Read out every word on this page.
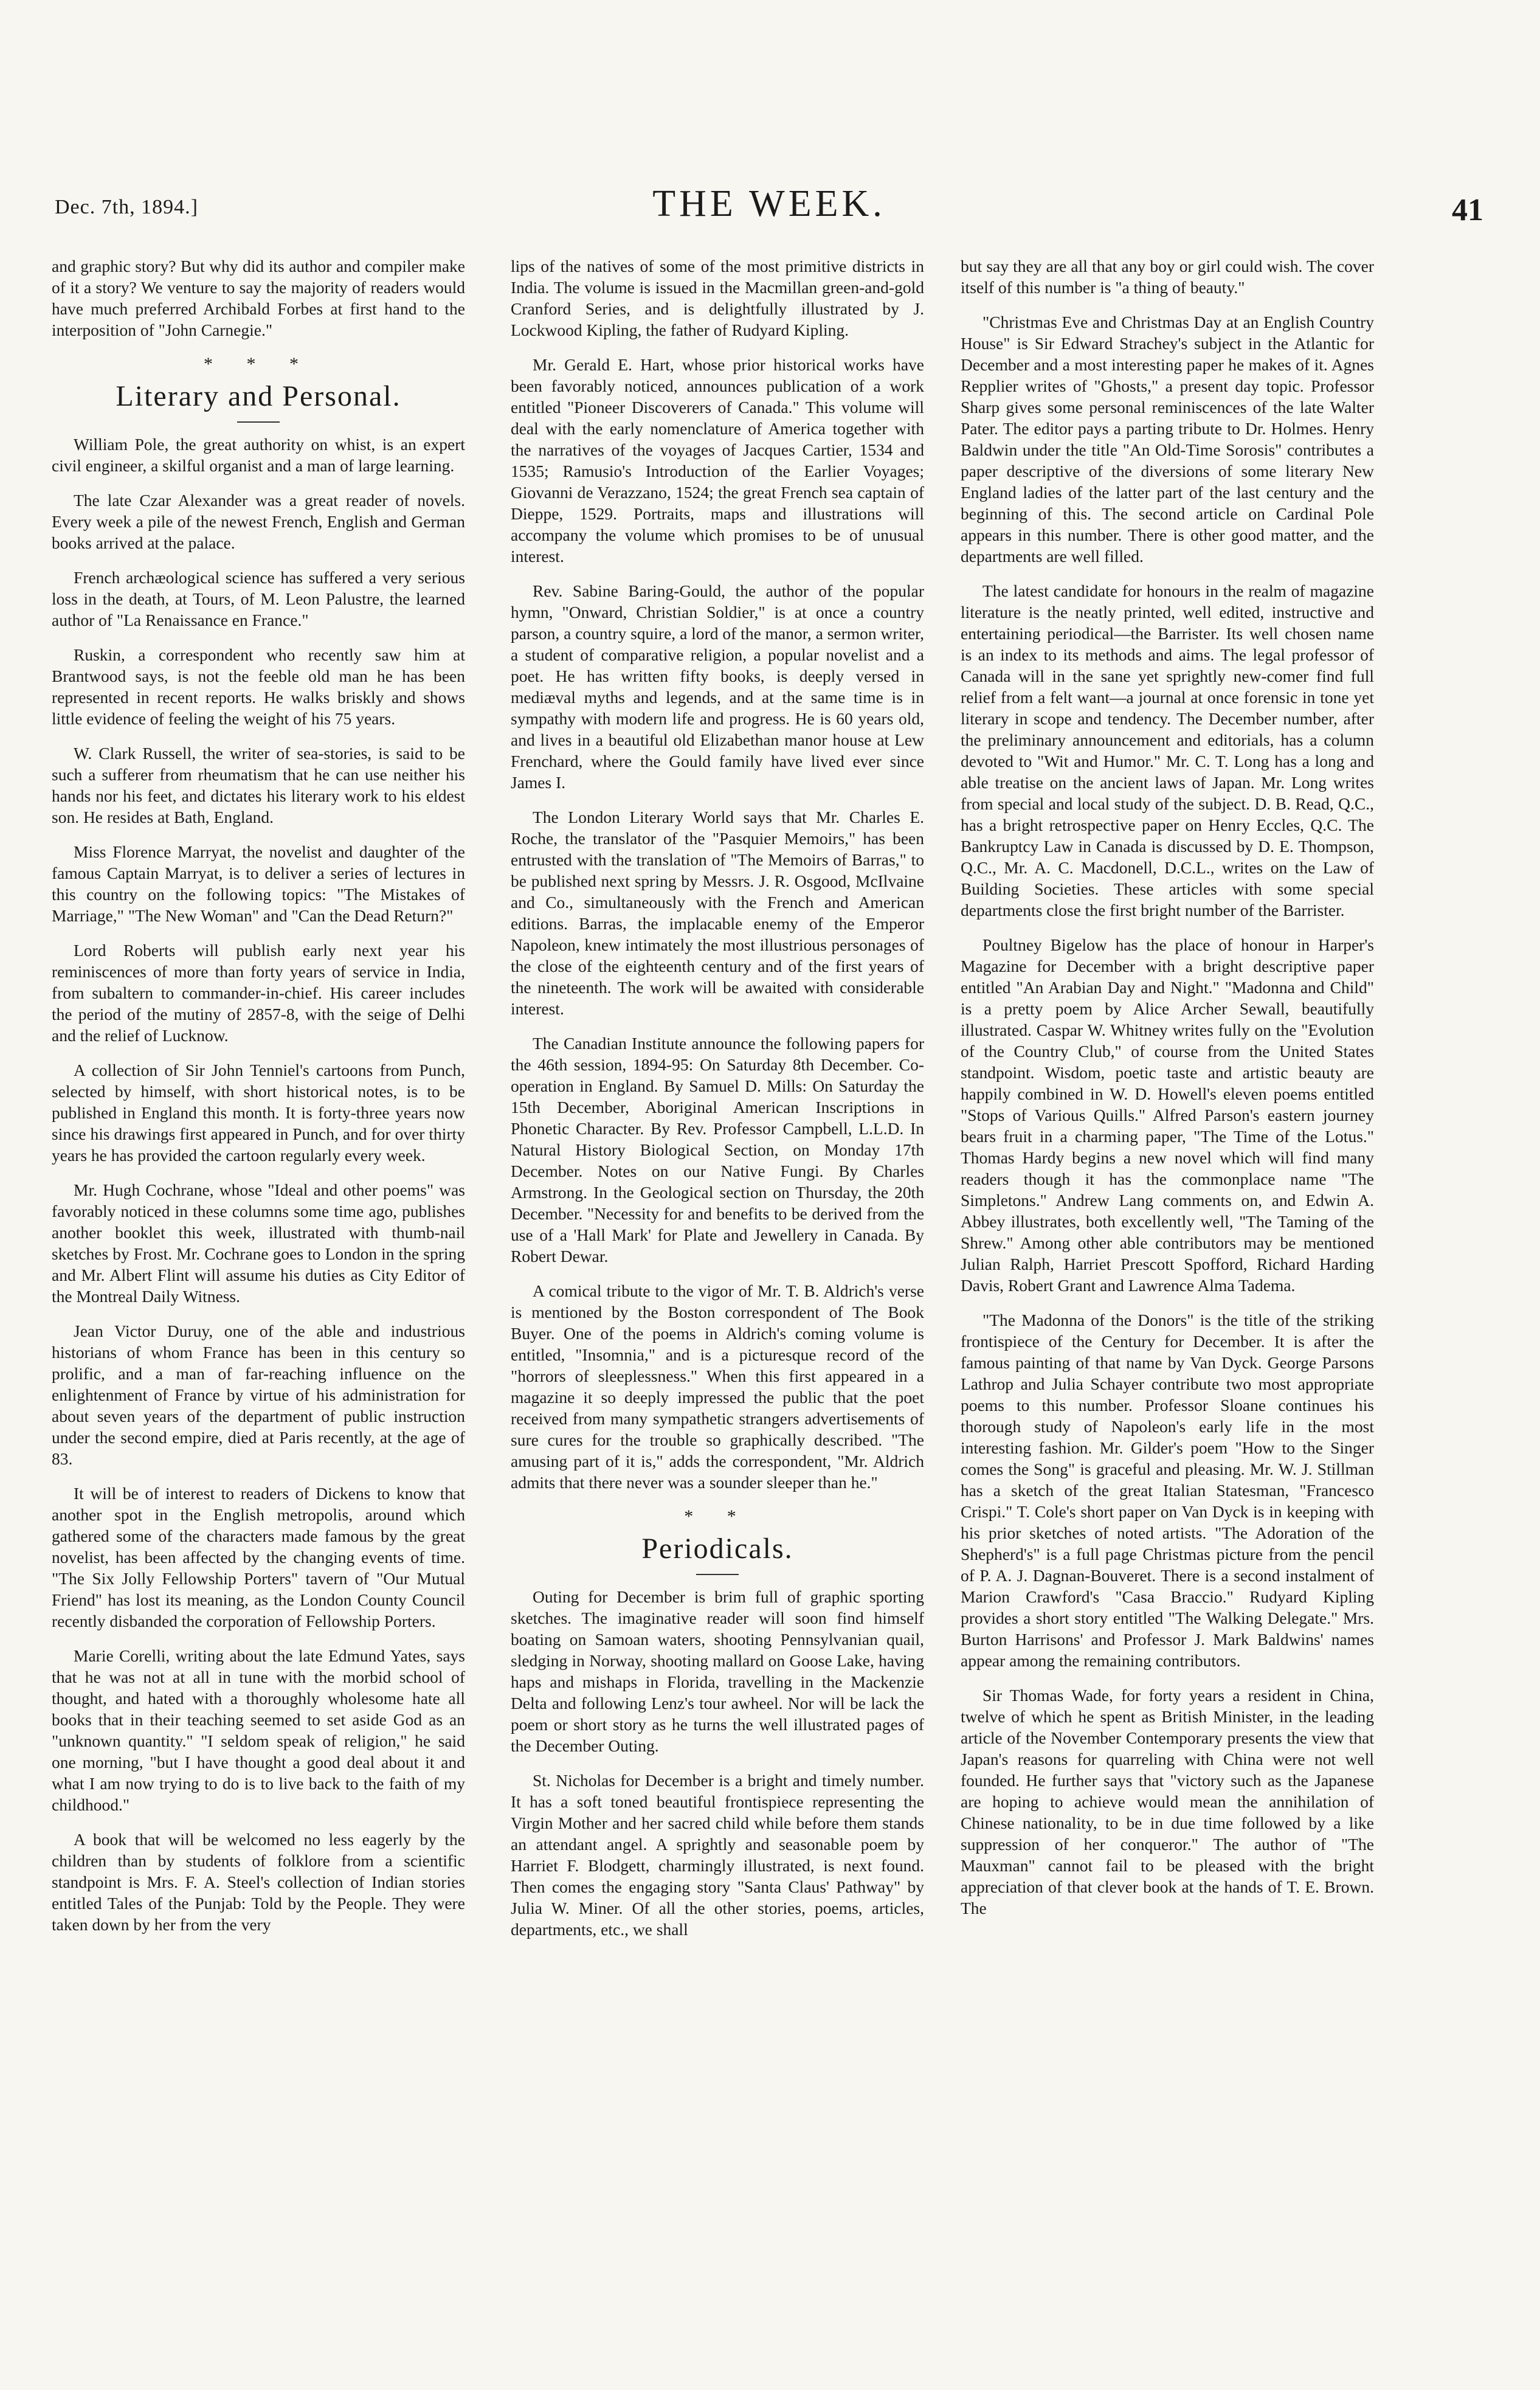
Dec. 7th, 1894.]	THE WEEK.	41

and graphic story? But why did its author and compiler make of it a story? We venture to say the majority of readers would have much preferred Archibald Forbes at first hand to the interposition of "John Carnegie."

* * *
Literary and Personal.

William Pole, the great authority on whist, is an expert civil engineer, a skilful organist and a man of large learning.

The late Czar Alexander was a great reader of novels. Every week a pile of the newest French, English and German books arrived at the palace.

French archæological science has suffered a very serious loss in the death, at Tours, of M. Leon Palustre, the learned author of "La Renaissance en France."

Ruskin, a correspondent who recently saw him at Brantwood says, is not the feeble old man he has been represented in recent reports. He walks briskly and shows little evidence of feeling the weight of his 75 years.

W. Clark Russell, the writer of sea-stories, is said to be such a sufferer from rheumatism that he can use neither his hands nor his feet, and dictates his literary work to his eldest son. He resides at Bath, England.

Miss Florence Marryat, the novelist and daughter of the famous Captain Marryat, is to deliver a series of lectures in this country on the following topics: "The Mistakes of Marriage," "The New Woman" and "Can the Dead Return?"

Lord Roberts will publish early next year his reminiscences of more than forty years of service in India, from subaltern to commander-in-chief. His career includes the period of the mutiny of 2857-8, with the seige of Delhi and the relief of Lucknow.

A collection of Sir John Tenniel's cartoons from Punch, selected by himself, with short historical notes, is to be published in England this month. It is forty-three years now since his drawings first appeared in Punch, and for over thirty years he has provided the cartoon regularly every week.

Mr. Hugh Cochrane, whose "Ideal and other poems" was favorably noticed in these columns some time ago, publishes another booklet this week, illustrated with thumb-nail sketches by Frost. Mr. Cochrane goes to London in the spring and Mr. Albert Flint will assume his duties as City Editor of the Montreal Daily Witness.

Jean Victor Duruy, one of the able and industrious historians of whom France has been in this century so prolific, and a man of far-reaching influence on the enlightenment of France by virtue of his administration for about seven years of the department of public instruction under the second empire, died at Paris recently, at the age of 83.

It will be of interest to readers of Dickens to know that another spot in the English metropolis, around which gathered some of the characters made famous by the great novelist, has been affected by the changing events of time. "The Six Jolly Fellowship Porters" tavern of "Our Mutual Friend" has lost its meaning, as the London County Council recently disbanded the corporation of Fellowship Porters.

Marie Corelli, writing about the late Edmund Yates, says that he was not at all in tune with the morbid school of thought, and hated with a thoroughly wholesome hate all books that in their teaching seemed to set aside God as an "unknown quantity." "I seldom speak of religion," he said one morning, "but I have thought a good deal about it and what I am now trying to do is to live back to the faith of my childhood."

A book that will be welcomed no less eagerly by the children than by students of folklore from a scientific standpoint is Mrs. F. A. Steel's collection of Indian stories entitled Tales of the Punjab: Told by the People. They were taken down by her from the very

lips of the natives of some of the most primitive districts in India. The volume is issued in the Macmillan green-and-gold Cranford Series, and is delightfully illustrated by J. Lockwood Kipling, the father of Rudyard Kipling.

Mr. Gerald E. Hart, whose prior historical works have been favorably noticed, announces publication of a work entitled "Pioneer Discoverers of Canada." This volume will deal with the early nomenclature of America together with the narratives of the voyages of Jacques Cartier, 1534 and 1535; Ramusio's Introduction of the Earlier Voyages; Giovanni de Verazzano, 1524; the great French sea captain of Dieppe, 1529. Portraits, maps and illustrations will accompany the volume which promises to be of unusual interest.

Rev. Sabine Baring-Gould, the author of the popular hymn, "Onward, Christian Soldier," is at once a country parson, a country squire, a lord of the manor, a sermon writer, a student of comparative religion, a popular novelist and a poet. He has written fifty books, is deeply versed in mediæval myths and legends, and at the same time is in sympathy with modern life and progress. He is 60 years old, and lives in a beautiful old Elizabethan manor house at Lew Frenchard, where the Gould family have lived ever since James I.

The London Literary World says that Mr. Charles E. Roche, the translator of the "Pasquier Memoirs," has been entrusted with the translation of "The Memoirs of Barras," to be published next spring by Messrs. J. R. Osgood, McIlvaine and Co., simultaneously with the French and American editions. Barras, the implacable enemy of the Emperor Napoleon, knew intimately the most illustrious personages of the close of the eighteenth century and of the first years of the nineteenth. The work will be awaited with considerable interest.

The Canadian Institute announce the following papers for the 46th session, 1894-95: On Saturday 8th December. Co-operation in England. By Samuel D. Mills: On Saturday the 15th December, Aboriginal American Inscriptions in Phonetic Character. By Rev. Professor Campbell, L.L.D. In Natural History Biological Section, on Monday 17th December. Notes on our Native Fungi. By Charles Armstrong. In the Geological section on Thursday, the 20th December. "Necessity for and benefits to be derived from the use of a 'Hall Mark' for Plate and Jewellery in Canada. By Robert Dewar.

A comical tribute to the vigor of Mr. T. B. Aldrich's verse is mentioned by the Boston correspondent of The Book Buyer. One of the poems in Aldrich's coming volume is entitled, "Insomnia," and is a picturesque record of the "horrors of sleeplessness." When this first appeared in a magazine it so deeply impressed the public that the poet received from many sympathetic strangers advertisements of sure cures for the trouble so graphically described. "The amusing part of it is," adds the correspondent, "Mr. Aldrich admits that there never was a sounder sleeper than he."

* *
Periodicals.

Outing for December is brim full of graphic sporting sketches. The imaginative reader will soon find himself boating on Samoan waters, shooting Pennsylvanian quail, sledging in Norway, shooting mallard on Goose Lake, having haps and mishaps in Florida, travelling in the Mackenzie Delta and following Lenz's tour awheel. Nor will be lack the poem or short story as he turns the well illustrated pages of the December Outing.

St. Nicholas for December is a bright and timely number. It has a soft toned beautiful frontispiece representing the Virgin Mother and her sacred child while before them stands an attendant angel. A sprightly and seasonable poem by Harriet F. Blodgett, charmingly illustrated, is next found. Then comes the engaging story "Santa Claus' Pathway" by Julia W. Miner. Of all the other stories, poems, articles, departments, etc., we shall

but say they are all that any boy or girl could wish. The cover itself of this number is "a thing of beauty."

"Christmas Eve and Christmas Day at an English Country House" is Sir Edward Strachey's subject in the Atlantic for December and a most interesting paper he makes of it. Agnes Repplier writes of "Ghosts," a present day topic. Professor Sharp gives some personal reminiscences of the late Walter Pater. The editor pays a parting tribute to Dr. Holmes. Henry Baldwin under the title "An Old-Time Sorosis" contributes a paper descriptive of the diversions of some literary New England ladies of the latter part of the last century and the beginning of this. The second article on Cardinal Pole appears in this number. There is other good matter, and the departments are well filled.

The latest candidate for honours in the realm of magazine literature is the neatly printed, well edited, instructive and entertaining periodical—the Barrister. Its well chosen name is an index to its methods and aims. The legal professor of Canada will in the sane yet sprightly new-comer find full relief from a felt want—a journal at once forensic in tone yet literary in scope and tendency. The December number, after the preliminary announcement and editorials, has a column devoted to "Wit and Humor." Mr. C. T. Long has a long and able treatise on the ancient laws of Japan. Mr. Long writes from special and local study of the subject. D. B. Read, Q.C., has a bright retrospective paper on Henry Eccles, Q.C. The Bankruptcy Law in Canada is discussed by D. E. Thompson, Q.C., Mr. A. C. Macdonell, D.C.L., writes on the Law of Building Societies. These articles with some special departments close the first bright number of the Barrister.

Poultney Bigelow has the place of honour in Harper's Magazine for December with a bright descriptive paper entitled "An Arabian Day and Night." "Madonna and Child" is a pretty poem by Alice Archer Sewall, beautifully illustrated. Caspar W. Whitney writes fully on the "Evolution of the Country Club," of course from the United States standpoint. Wisdom, poetic taste and artistic beauty are happily combined in W. D. Howell's eleven poems entitled "Stops of Various Quills." Alfred Parson's eastern journey bears fruit in a charming paper, "The Time of the Lotus." Thomas Hardy begins a new novel which will find many readers though it has the commonplace name "The Simpletons." Andrew Lang comments on, and Edwin A. Abbey illustrates, both excellently well, "The Taming of the Shrew." Among other able contributors may be mentioned Julian Ralph, Harriet Prescott Spofford, Richard Harding Davis, Robert Grant and Lawrence Alma Tadema.

"The Madonna of the Donors" is the title of the striking frontispiece of the Century for December. It is after the famous painting of that name by Van Dyck. George Parsons Lathrop and Julia Schayer contribute two most appropriate poems to this number. Professor Sloane continues his thorough study of Napoleon's early life in the most interesting fashion. Mr. Gilder's poem "How to the Singer comes the Song" is graceful and pleasing. Mr. W. J. Stillman has a sketch of the great Italian Statesman, "Francesco Crispi." T. Cole's short paper on Van Dyck is in keeping with his prior sketches of noted artists. "The Adoration of the Shepherd's" is a full page Christmas picture from the pencil of P. A. J. Dagnan-Bouveret. There is a second instalment of Marion Crawford's "Casa Braccio." Rudyard Kipling provides a short story entitled "The Walking Delegate." Mrs. Burton Harrisons' and Professor J. Mark Baldwins' names appear among the remaining contributors.

Sir Thomas Wade, for forty years a resident in China, twelve of which he spent as British Minister, in the leading article of the November Contemporary presents the view that Japan's reasons for quarreling with China were not well founded. He further says that "victory such as the Japanese are hoping to achieve would mean the annihilation of Chinese nationality, to be in due time followed by a like suppression of her conqueror." The author of "The Mauxman" cannot fail to be pleased with the bright appreciation of that clever book at the hands of T. E. Brown. The
